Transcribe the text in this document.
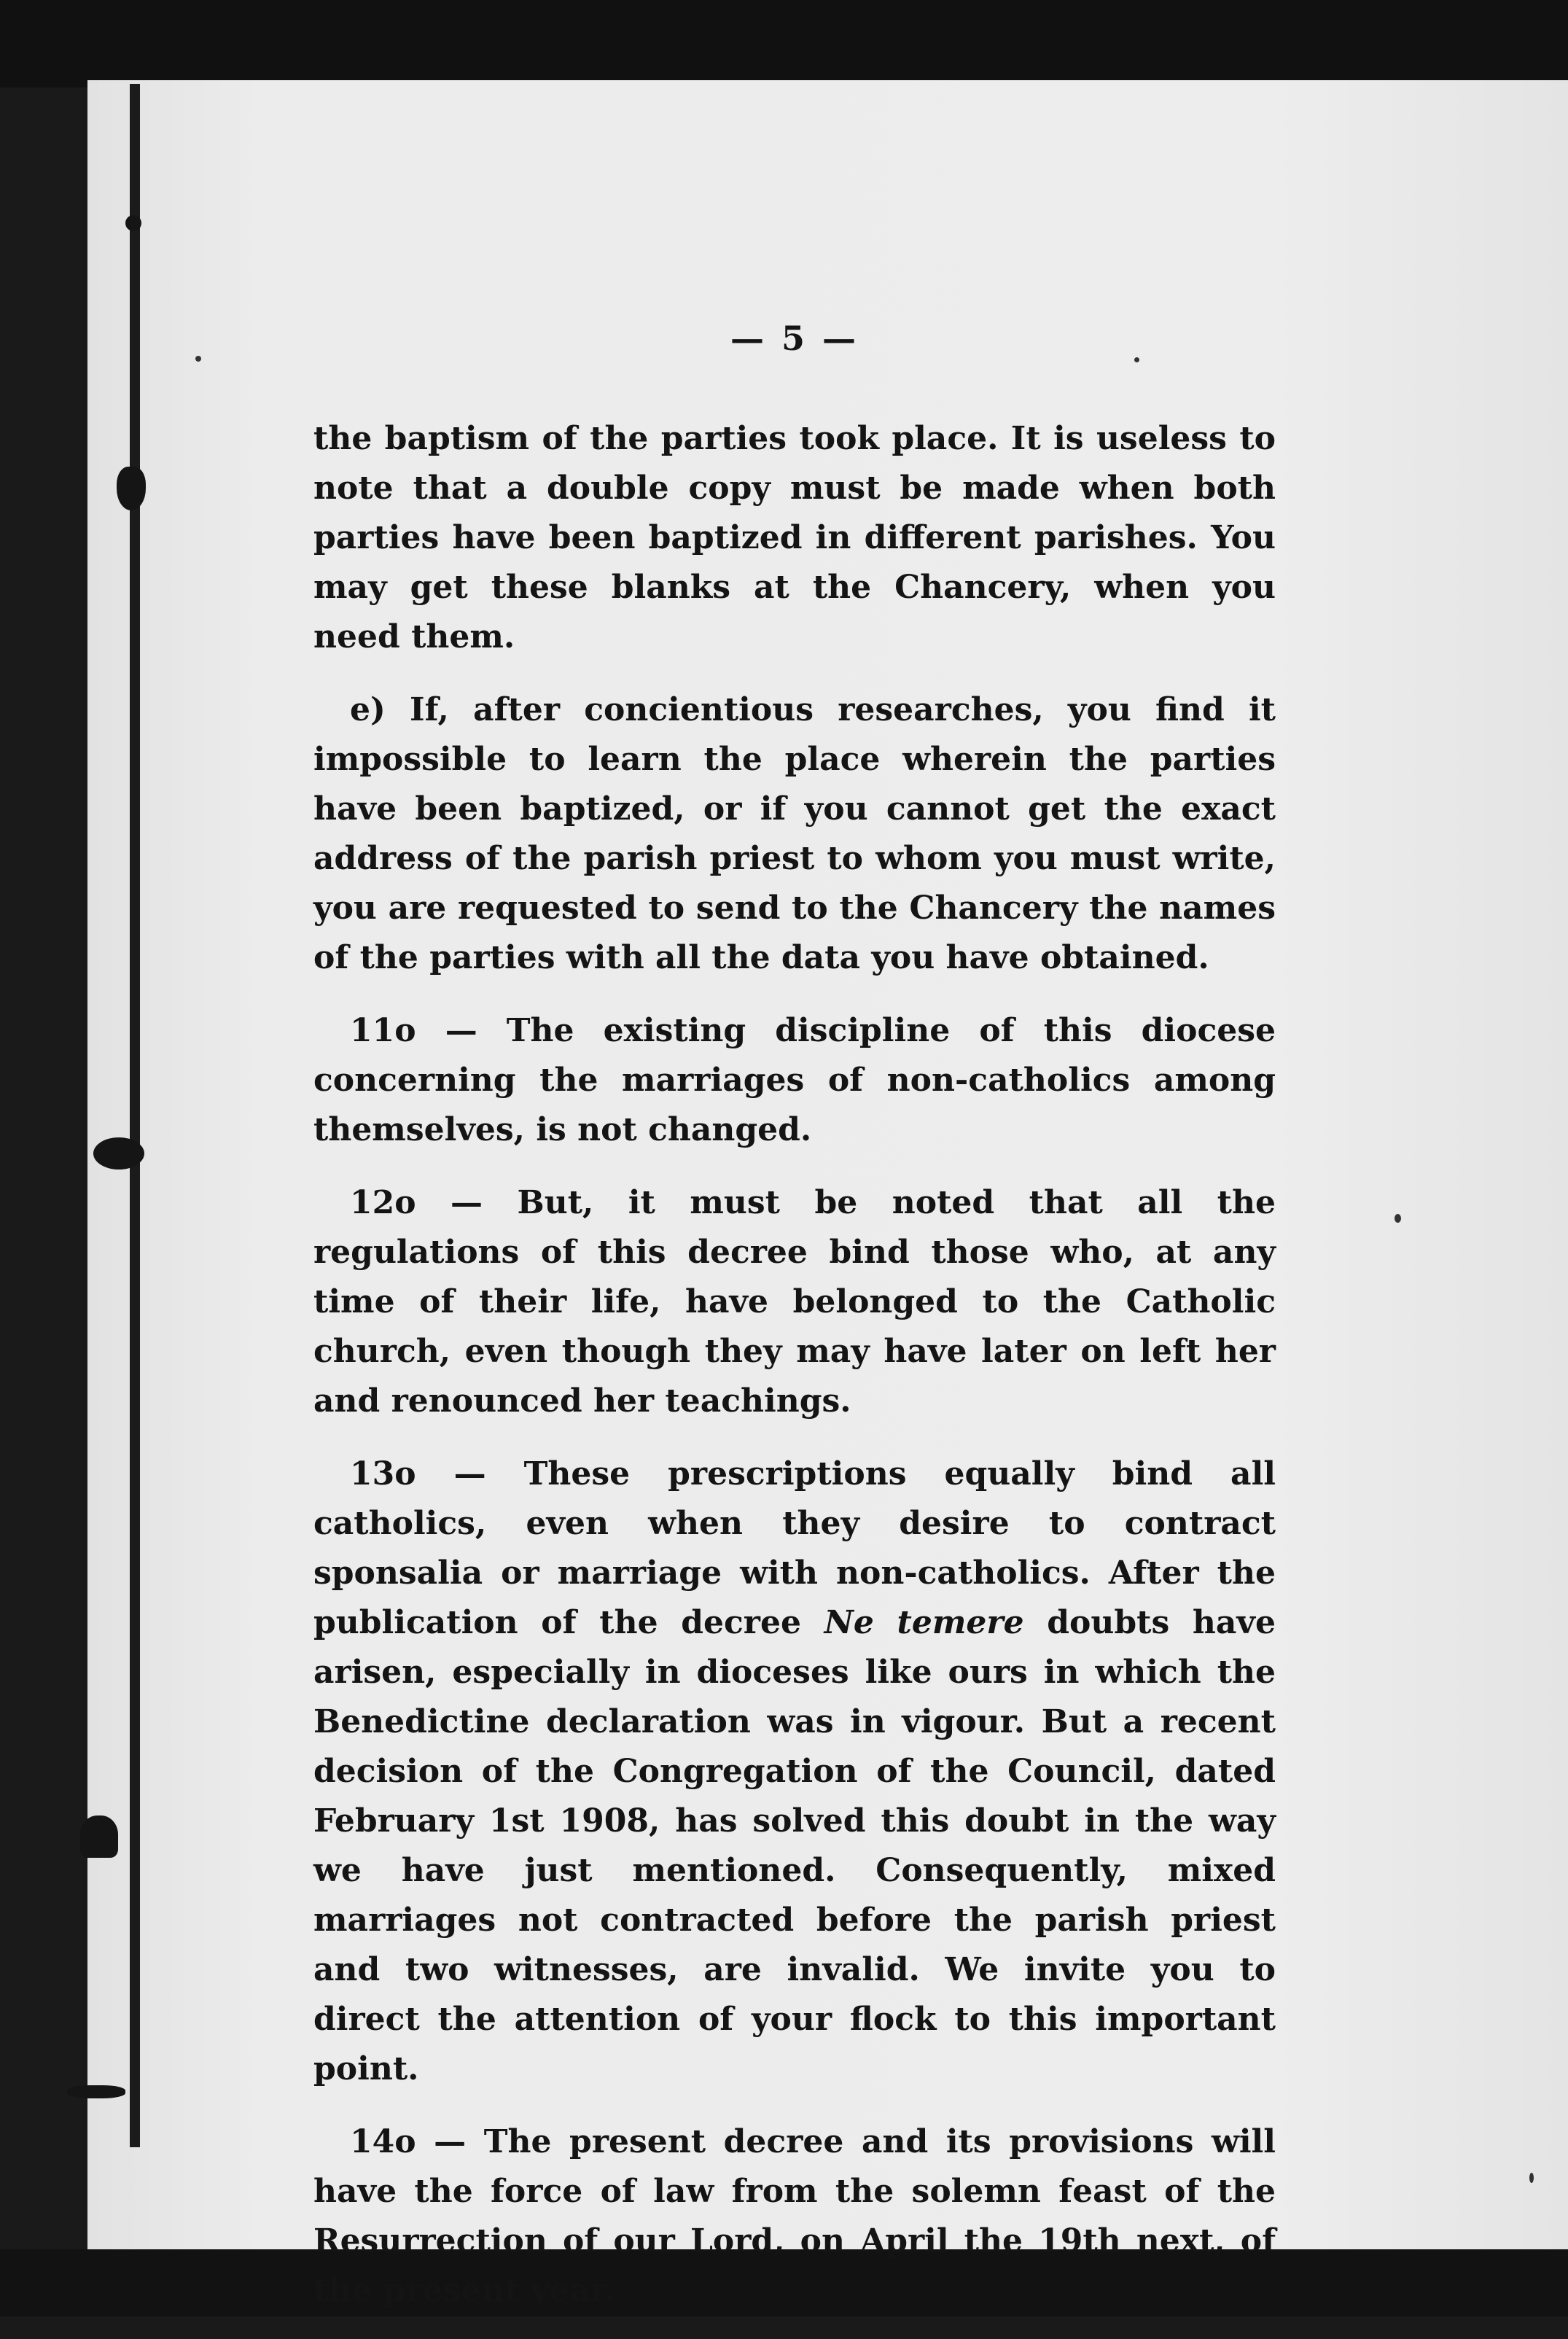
— 5 —

the baptism of the parties took place. It is useless to note that a double copy must be made when both parties have been baptized in different parishes. You may get these blanks at the Chancery, when you need them.

e) If, after concientious researches, you find it impossible to learn the place wherein the parties have been baptized, or if you cannot get the exact address of the parish priest to whom you must write, you are requested to send to the Chancery the names of the parties with all the data you have obtained.

11o — The existing discipline of this diocese concerning the marriages of non-catholics among themselves, is not changed.

12o — But, it must be noted that all the regulations of this decree bind those who, at any time of their life, have belonged to the Catholic church, even though they may have later on left her and renounced her teachings.

13o — These prescriptions equally bind all catholics, even when they desire to contract sponsalia or marriage with non-catholics. After the publication of the decree Ne temere doubts have arisen, especially in dioceses like ours in which the Benedictine declaration was in vigour. But a recent decision of the Congregation of the Council, dated February 1st 1908, has solved this doubt in the way we have just mentioned. Consequently, mixed marriages not contracted before the parish priest and two witnesses, are invalid. We invite you to direct the attention of your flock to this important point.

14o — The present decree and its provisions will have the force of law from the solemn feast of the Resurrection of our Lord, on April the 19th next, of the present year.
